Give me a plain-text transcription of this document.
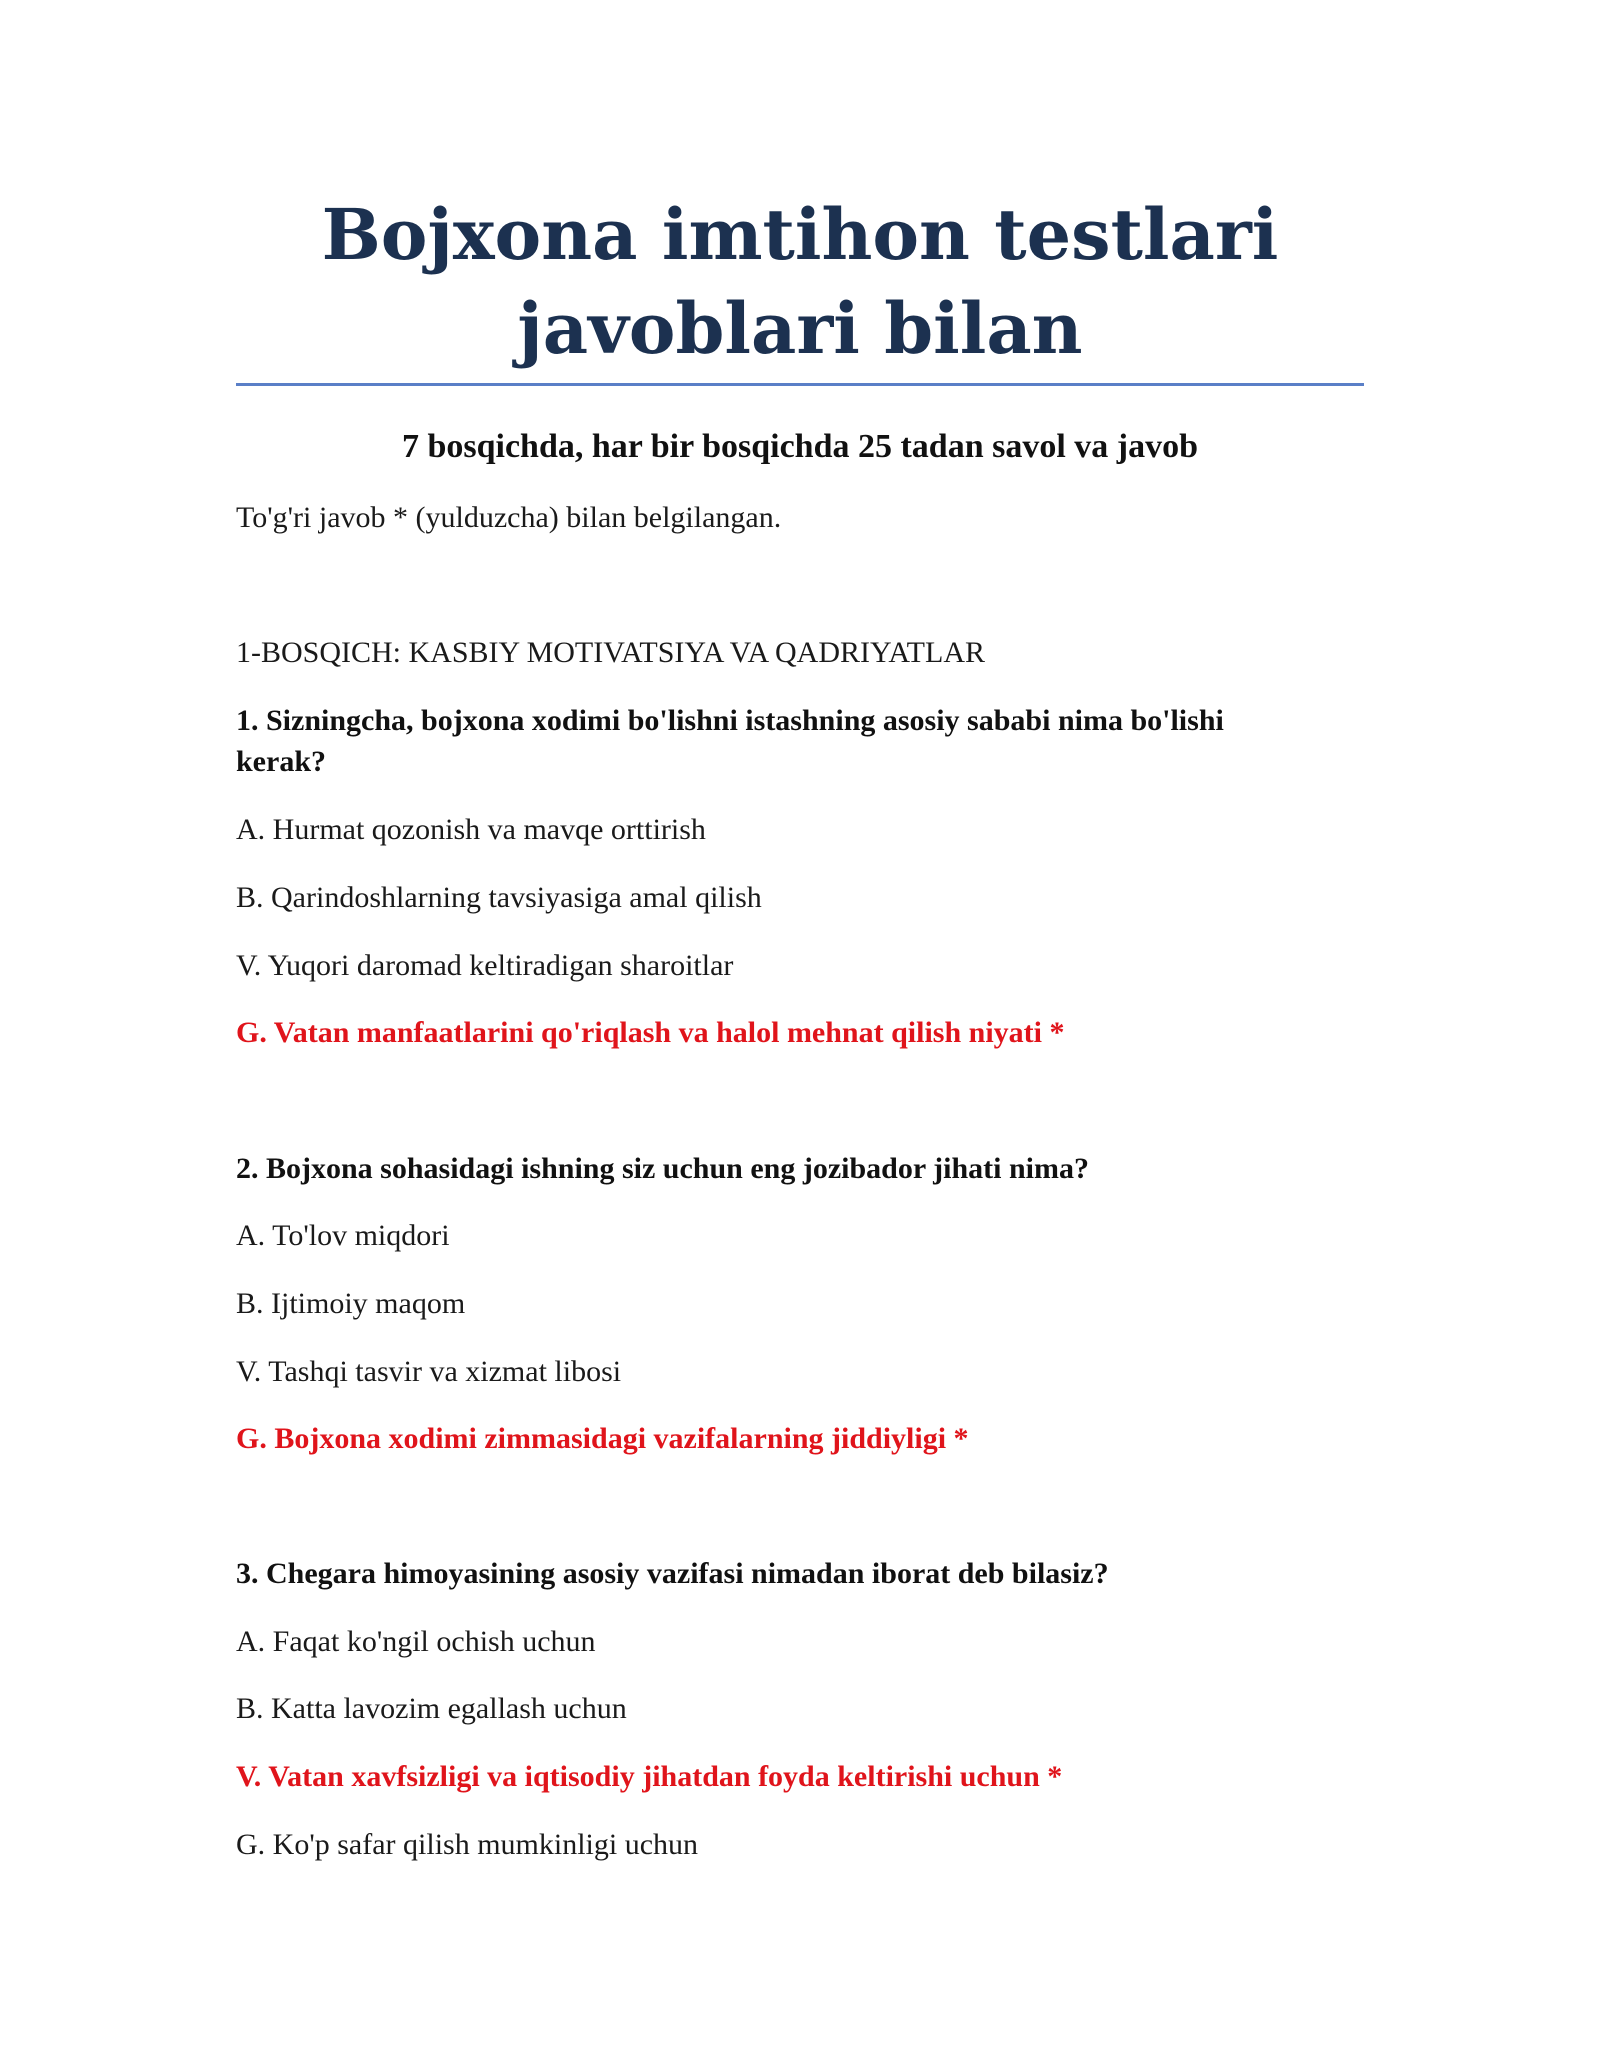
Bojxona imtihon testlari
javoblari bilan
7 bosqichda, har bir bosqichda 25 tadan savol va javob
To'g'ri javob * (yulduzcha) bilan belgilangan.
1-BOSQICH: KASBIY MOTIVATSIYA VA QADRIYATLAR
1. Sizningcha, bojxona xodimi bo'lishni istashning asosiy sababi nima bo'lishi
kerak?
A. Hurmat qozonish va mavqe orttirish
B. Qarindoshlarning tavsiyasiga amal qilish
V. Yuqori daromad keltiradigan sharoitlar
G. Vatan manfaatlarini qo'riqlash va halol mehnat qilish niyati *
2. Bojxona sohasidagi ishning siz uchun eng jozibador jihati nima?
A. To'lov miqdori
B. Ijtimoiy maqom
V. Tashqi tasvir va xizmat libosi
G. Bojxona xodimi zimmasidagi vazifalarning jiddiyligi *
3. Chegara himoyasining asosiy vazifasi nimadan iborat deb bilasiz?
A. Faqat ko'ngil ochish uchun
B. Katta lavozim egallash uchun
V. Vatan xavfsizligi va iqtisodiy jihatdan foyda keltirishi uchun *
G. Ko'p safar qilish mumkinligi uchun
